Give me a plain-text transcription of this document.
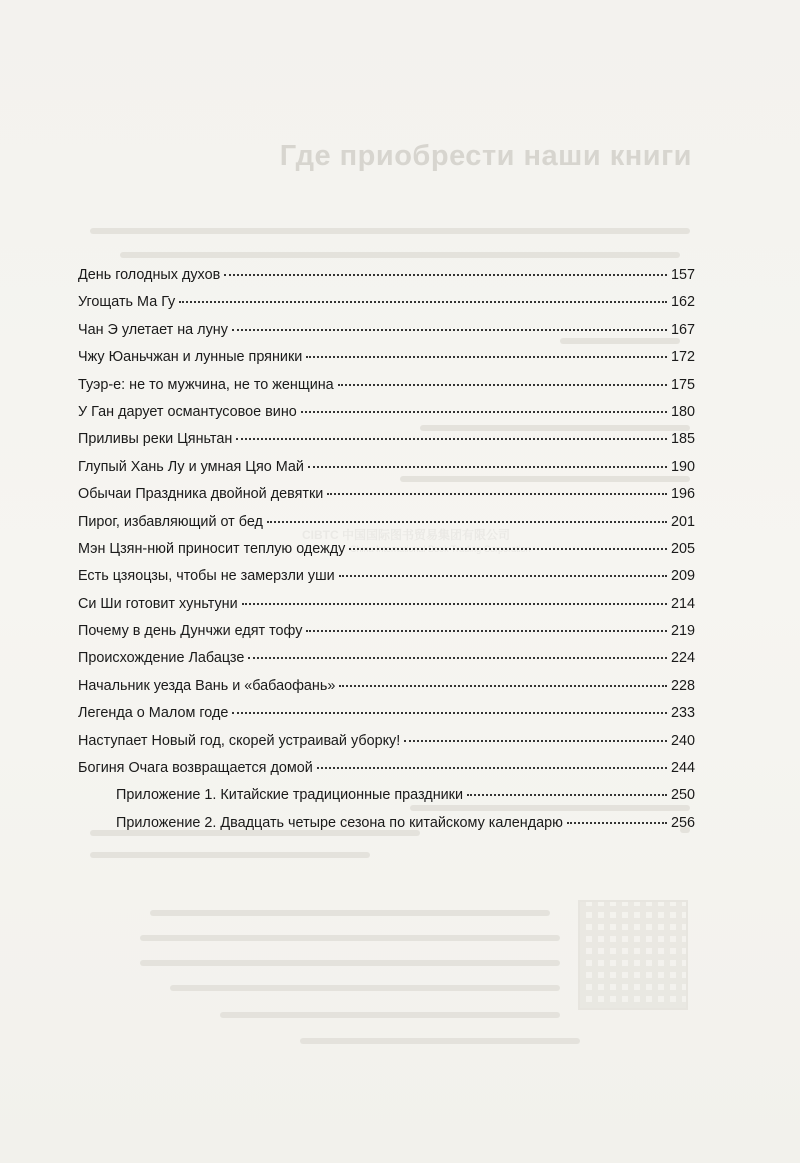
Где приобрести наши книги
CIBTC 中国国际图书贸易集团有限公司
China International Book Trading Corporation
День голодных духов	157
Угощать Ма Гу	162
Чан Э улетает на луну	167
Чжу Юаньчжан и лунные пряники	172
Туэр-е: не то мужчина, не то женщина	175
У Ган дарует османтусовое вино	180
Приливы реки Цяньтан	185
Глупый Хань Лу и умная Цяо Май	190
Обычаи Праздника двойной девятки	196
Пирог, избавляющий от бед	201
Мэн Цзян-нюй приносит теплую одежду	205
Есть цзяоцзы, чтобы не замерзли уши	209
Си Ши готовит хуньтуни	214
Почему в день Дунчжи едят тофу	219
Происхождение Лабацзе	224
Начальник уезда Вань и «бабаофань»	228
Легенда о Малом годе	233
Наступает Новый год, скорей устраивай уборку!	240
Богиня Очага возвращается домой	244
Приложение 1. Китайские традиционные праздники	250
Приложение 2. Двадцать четыре сезона по китайскому календарю	256
